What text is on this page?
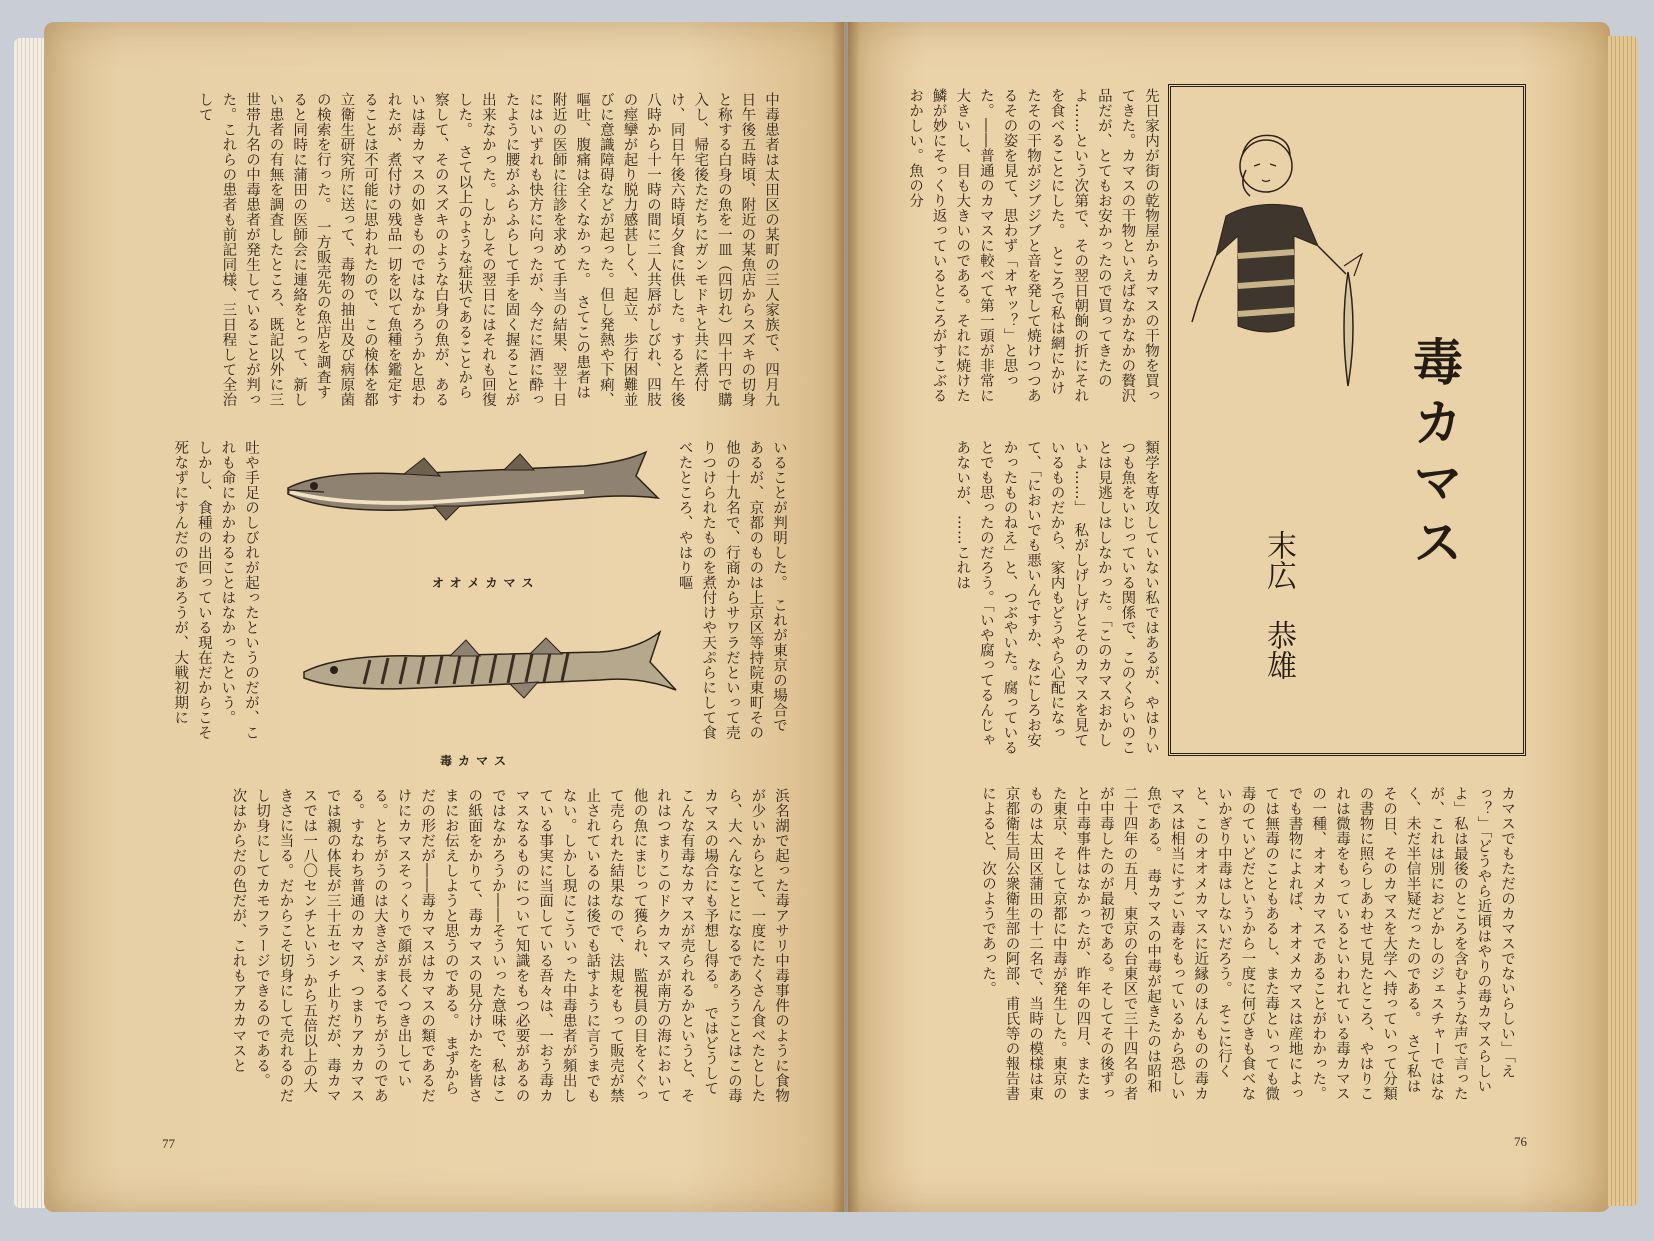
中毒患者は太田区の某町の三人家族で、四月九日午後五時頃、附近の某魚店からスズキの切身と称する白身の魚を一皿（四切れ）四十円で購入し、帰宅後ただちにガンモドキと共に煮付け、同日午後六時頃夕食に供した。すると午後八時から十一時の間に二人共唇がしびれ、四肢の痙攣が起り脱力感甚しく、起立、歩行困難並びに意識障碍などが起った。但し発熱や下痢、嘔吐、腹痛は全くなかった。　さてこの患者は附近の医師に往診を求めて手当の結果、翌十日にはいずれも快方に向ったが、今だに酒に酔ったように腰がふらふらして手を固く握ることが出来なかった。しかしその翌日にはそれも回復した。　さて以上のような症状であることから察して、そのスズキのような白身の魚が、あるいは毒カマスの如きものではなかろうかと思われたが、煮付けの残品一切を以て魚種を鑑定することは不可能に思われたので、この検体を都立衛生研究所に送って、毒物の抽出及び病原菌の検索を行った。　一方販売先の魚店を調査すると同時に蒲田の医師会に連絡をとって、新しい患者の有無を調査したところ、既記以外に三世帯九名の中毒患者が発生していることが判った。これらの患者も前記同様、三日程して全治して
いることが判明した。　これが東京の場合であるが、京都のものは上京区等持院東町その他の十九名で、行商からサワラだといって売りつけられたものを煮付けや天ぷらにして食べたところ、やはり嘔
吐や手足のしびれが起ったというのだが、これも命にかかわることはなかったという。　しかし、食種の出回っている現在だからこそ死なずにすんだのであろうが、大戦初期に
浜名湖で起った毒アサリ中毒事件のように食物が少いからとて、一度にたくさん食べたとしたら、大へんなことになるであろうことはこの毒カマスの場合にも予想し得る。　ではどうしてこんな有毒なカマスが売られるかというと、それはつまりこのドクカマスが南方の海において他の魚にまじって獲られ、監視員の目をくぐって売られた結果なので、法規をもって販売が禁止されているのは後でも話すように言うまでもない。しかし現にこういった中毒患者が頻出している事実に当面している吾々は、一おう毒カマスなるものについて知識をもつ必要があるのではなかろうか――そういった意味で、私はこの紙面をかりて、毒カマスの見分けかたを皆さまにお伝えしようと思うのである。　まずからだの形だが――毒カマスはカマスの類であるだけにカマスそっくりで顔が長くつき出している。とちがうのは大きさがまるでちがうのである。すなわち普通のカマス、つまりアカカマスでは親の体長が三十五センチ止りだが、毒カマスでは一八〇センチという から五倍以上の大きさに当る。だからこそ切身にして売れるのだし切身にしてカモフラージできるのである。　次はからだの色だが、これもアカカマスと
オオメカマス
毒カマス
77
先日家内が街の乾物屋からカマスの干物を買ってきた。カマスの干物といえばなかなかの贅沢品だが、とてもお安かったので買ってきたのよ……という次第で、その翌日朝餉の折にそれを食べることにした。　ところで私は網にかけたその干物がジブジブと音を発して焼けつつあるその姿を見て、思わず「オヤッ？」と思った。――普通のカマスに較べて第一頭が非常に大きいし、目も大きいのである。それに焼けた鱗が妙にそっくり返っているところがすこぶるおかしい。魚の分
類学を専攻していない私ではあるが、やはりいつも魚をいじっている関係で、このくらいのことは見逃しはしなかった。「このカマスおかしいよ……」　私がしげしげとそのカマスを見ているものだから、家内もどうやら心配になって、「においでも悪いんですか、なにしろお安かったものねえ」と、つぶやいた。腐っているとでも思ったのだろう。「いや腐ってるんじゃあないが、……これは
カマスでもただのカマスでないらしい」「えっ？」「どうやら近頃はやりの毒カマスらしいよ」私は最後のところを含むような声で言ったが、これは別におどかしのジェスチャーではなく、未だ半信半疑だったのである。　さて私はその日、そのカマスを大学へ持っていって分類の書物に照らしあわせて見たところ、やはりこれは微毒をもっているといわれている毒カマスの一種、オオメカマスであることがわかった。でも書物によれば、オオメカマスは産地によっては無毒のこともあるし、また毒といっても微毒のていどだというから一度に何びきも食べないかぎり中毒はしないだろう。　そこに行くと、このオオメカマスに近縁のほんものの毒カマスは相当にすごい毒をもっているから恐しい魚である。　毒カマスの中毒が起きたのは昭和二十四年の五月、東京の台東区で三十四名の者が中毒したのが最初である。そしてその後ずっと中毒事件はなかったが、昨年の四月、またまた東京、そして京都に中毒が発生した。東京のものは太田区蒲田の十二名で、当時の模様は東京都衛生局公衆衛生部の阿部、甫氏等の報告書によると、次のようであった。
毒カマス
末広　恭雄
76
